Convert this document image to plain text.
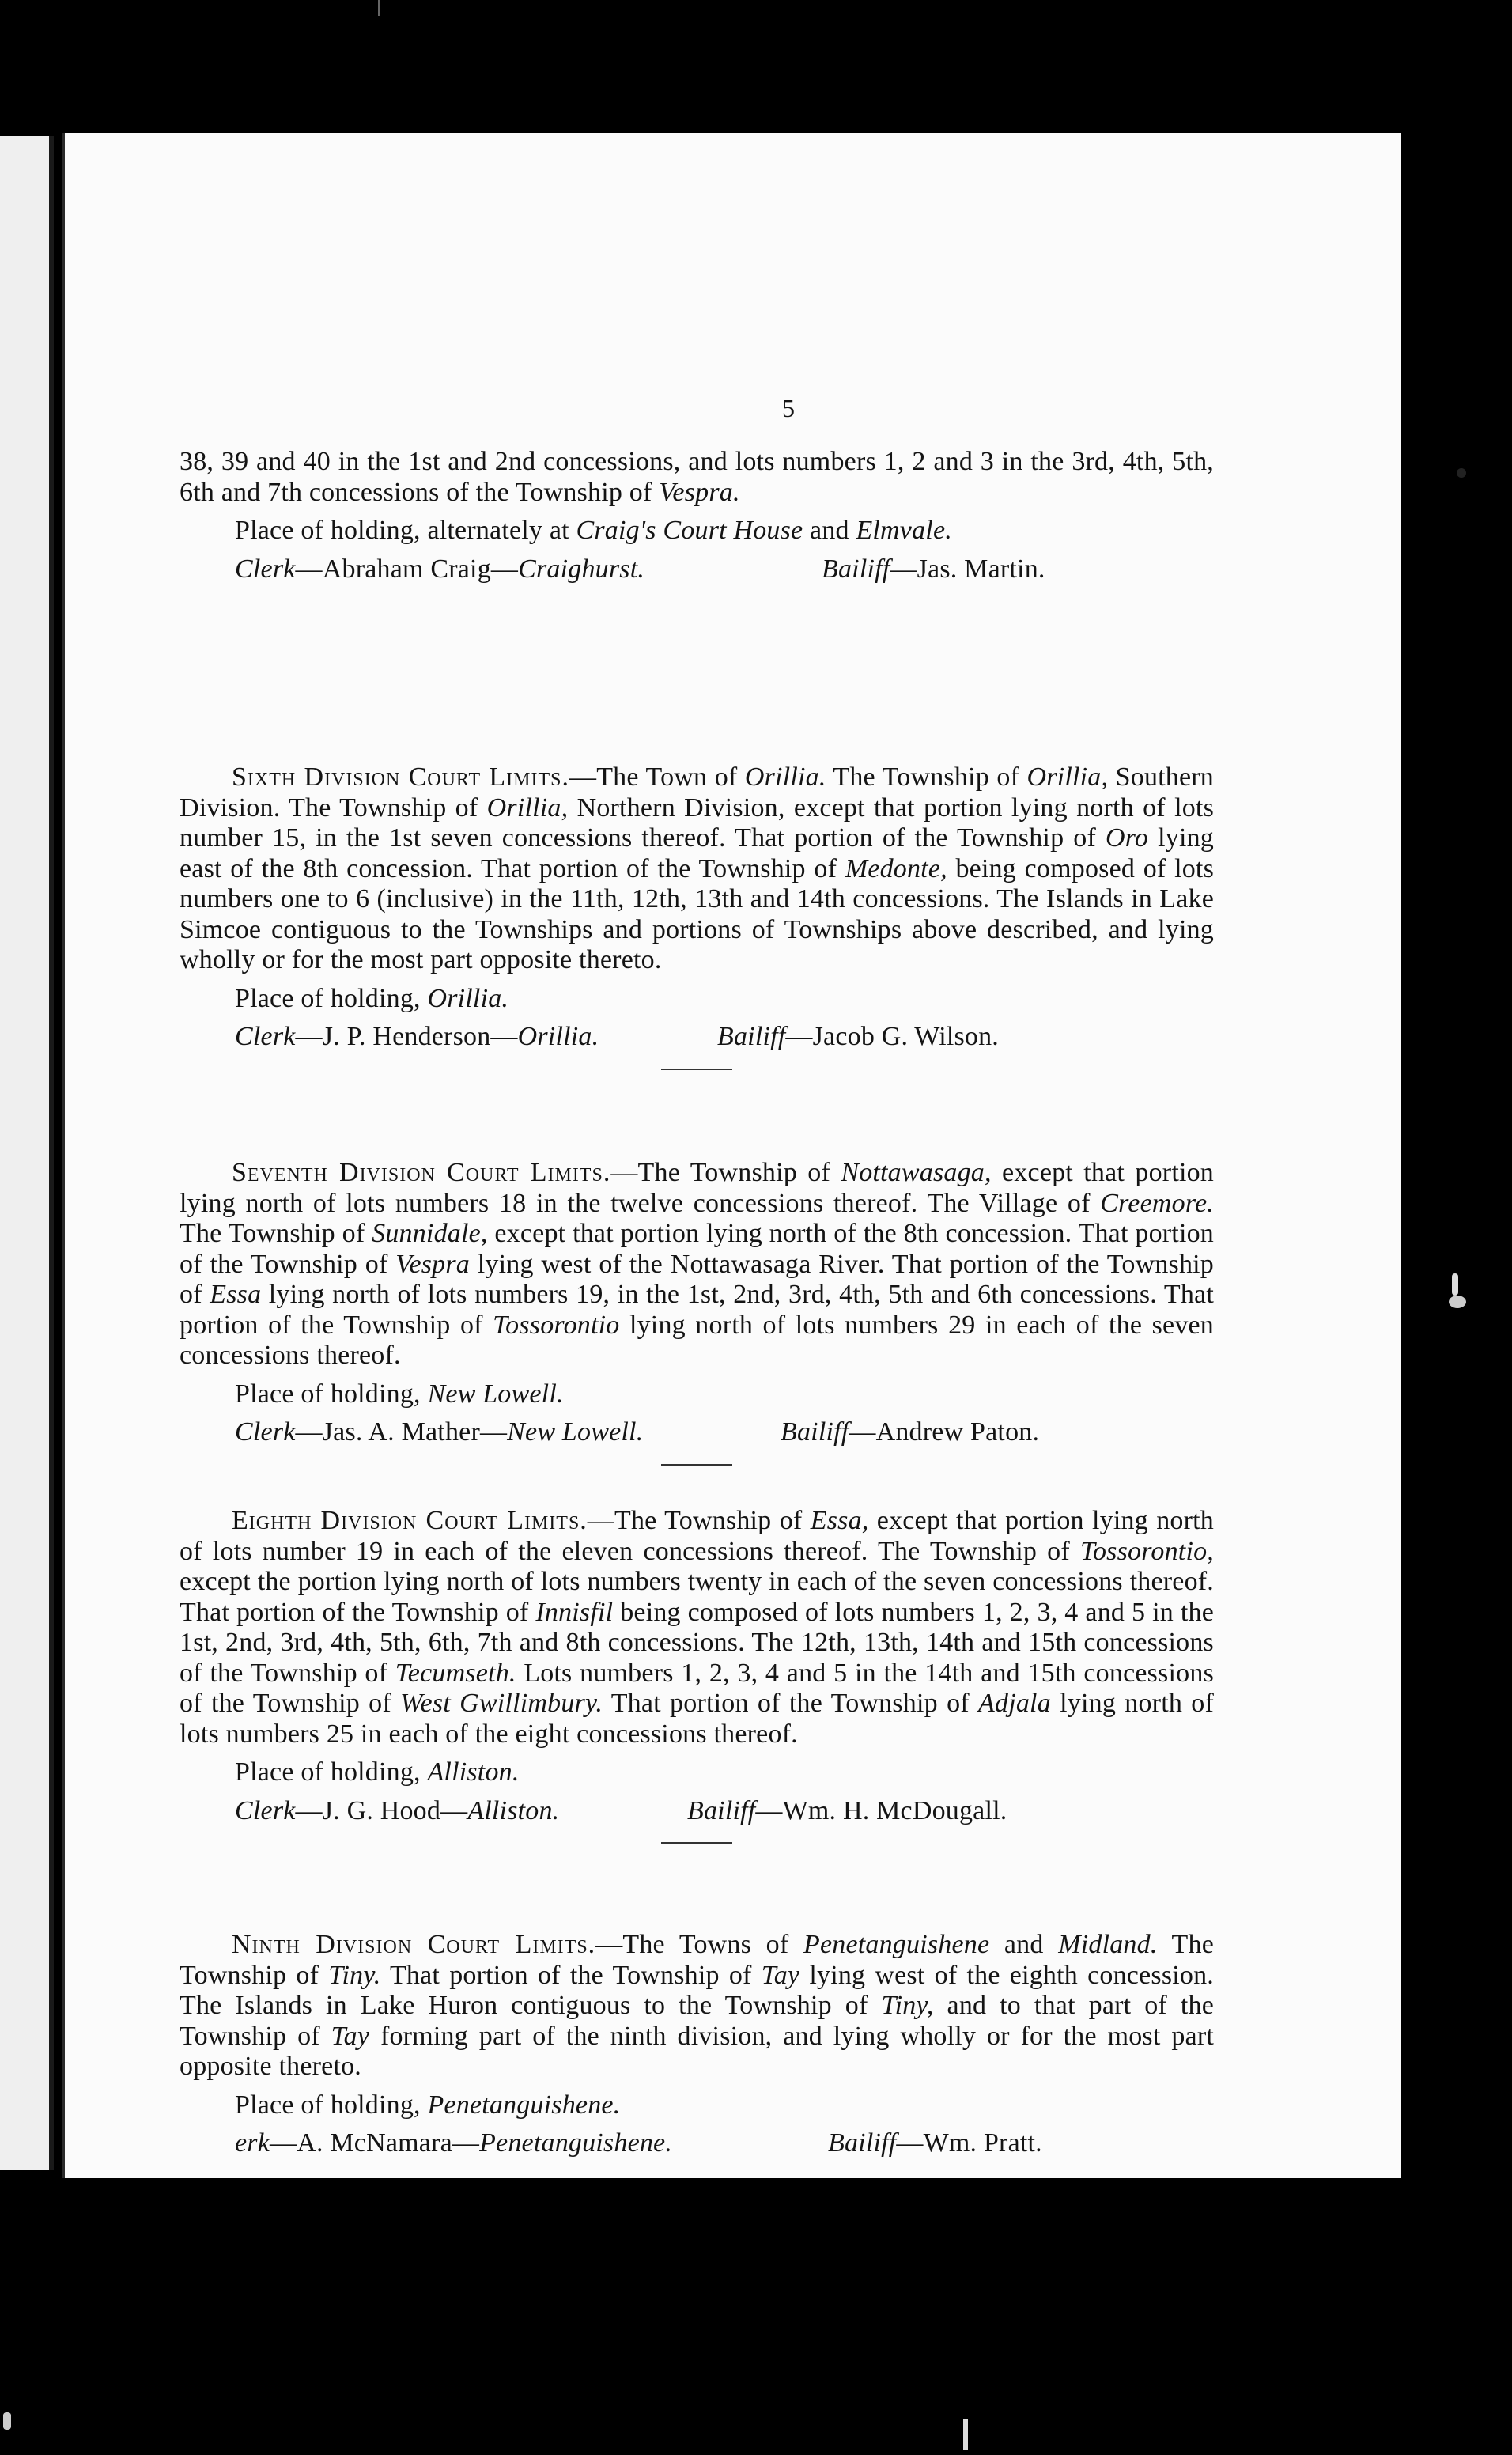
5

38, 39 and 40 in the 1st and 2nd concessions, and lots numbers 1, 2 and 3 in the 3rd, 4th, 5th, 6th and 7th concessions of the Township of Vespra.

Place of holding, alternately at Craig's Court House and Elmvale.
Clerk—Abraham Craig—Craighurst.	Bailiff—Jas. Martin.

Sixth Division Court Limits.—The Town of Orillia. The Township of Orillia, Southern Division. The Township of Orillia, Northern Division, except that portion lying north of lots number 15, in the 1st seven concessions thereof. That portion of the Township of Oro lying east of the 8th concession. That portion of the Township of Medonte, being composed of lots numbers one to 6 (inclusive) in the 11th, 12th, 13th and 14th concessions. The Islands in Lake Simcoe contiguous to the Townships and portions of Townships above described, and lying wholly or for the most part opposite thereto.

Place of holding, Orillia.
Clerk—J. P. Henderson—Orillia.	Bailiff—Jacob G. Wilson.

Seventh Division Court Limits.—The Township of Nottawasaga, except that portion lying north of lots numbers 18 in the twelve concessions thereof. The Village of Creemore. The Township of Sunnidale, except that portion lying north of the 8th concession. That portion of the Township of Vespra lying west of the Nottawasaga River. That portion of the Township of Essa lying north of lots numbers 19, in the 1st, 2nd, 3rd, 4th, 5th and 6th concessions. That portion of the Township of Tossorontio lying north of lots numbers 29 in each of the seven concessions thereof.

Place of holding, New Lowell.
Clerk—Jas. A. Mather—New Lowell.	Bailiff—Andrew Paton.

Eighth Division Court Limits.—The Township of Essa, except that portion lying north of lots number 19 in each of the eleven concessions thereof. The Township of Tossorontio, except the portion lying north of lots numbers twenty in each of the seven concessions thereof. That portion of the Township of Innisfil being composed of lots numbers 1, 2, 3, 4 and 5 in the 1st, 2nd, 3rd, 4th, 5th, 6th, 7th and 8th concessions. The 12th, 13th, 14th and 15th concessions of the Township of Tecumseth. Lots numbers 1, 2, 3, 4 and 5 in the 14th and 15th concessions of the Township of West Gwillimbury. That portion of the Township of Adjala lying north of lots numbers 25 in each of the eight concessions thereof.

Place of holding, Alliston.
Clerk—J. G. Hood—Alliston.	Bailiff—Wm. H. McDougall.

Ninth Division Court Limits.—The Towns of Penetanguishene and Midland. The Township of Tiny. That portion of the Township of Tay lying west of the eighth concession. The Islands in Lake Huron contiguous to the Township of Tiny, and to that part of the Township of Tay forming part of the ninth division, and lying wholly or for the most part opposite thereto.

Place of holding, Penetanguishene.
erk—A. McNamara—Penetanguishene.	Bailiff—Wm. Pratt.
